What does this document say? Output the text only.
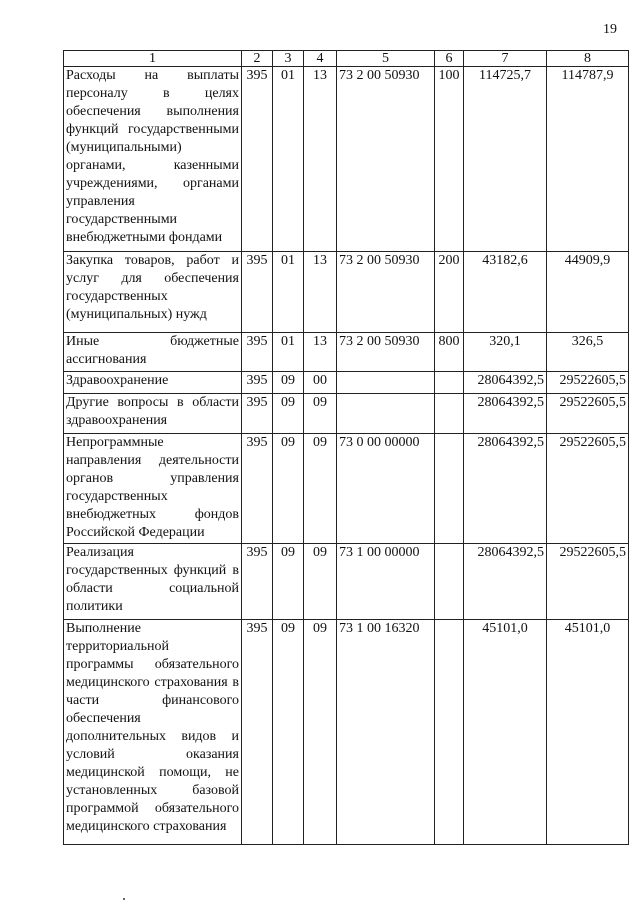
19
1	2	3	4	5	6	7	8
Расходы на выплаты персоналу в целях обеспечения выполнения функций государственными (муниципальными) органами, казенными учреждениями, органами управления государственными внебюджетными фондами	395	01	13	73 2 00 50930	100	114725,7	114787,9
Закупка товаров, работ и услуг для обеспечения государственных (муниципальных) нужд	395	01	13	73 2 00 50930	200	43182,6	44909,9
Иные бюджетные ассигнования	395	01	13	73 2 00 50930	800	320,1	326,5
Здравоохранение	395	09	00			28064392,5	29522605,5
Другие вопросы в области здравоохранения	395	09	09			28064392,5	29522605,5
Непрограммные направления деятельности органов управления государственных внебюджетных фондов Российской Федерации	395	09	09	73 0 00 00000		28064392,5	29522605,5
Реализация государственных функций в области социальной политики	395	09	09	73 1 00 00000		28064392,5	29522605,5
Выполнение территориальной программы обязательного медицинского страхования в части финансового обеспечения дополнительных видов и условий оказания медицинской помощи, не установленных базовой программой обязательного медицинского страхования	395	09	09	73 1 00 16320		45101,0	45101,0
